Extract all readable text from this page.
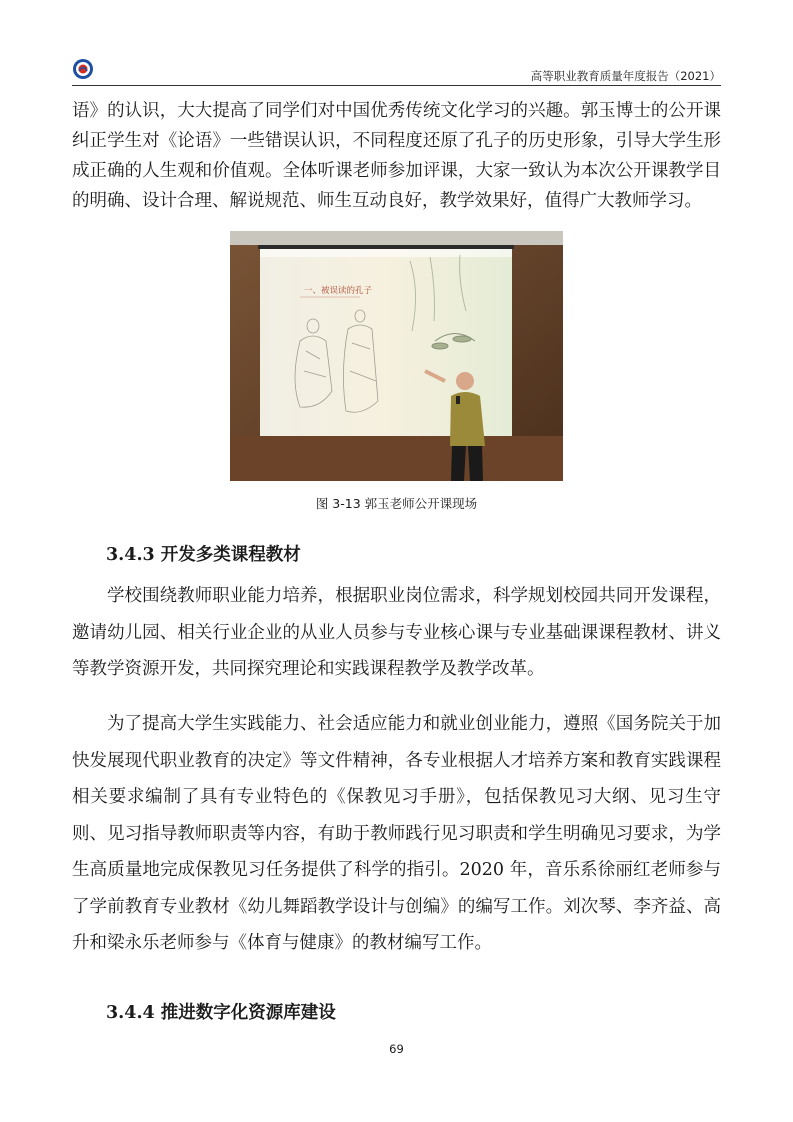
高等职业教育质量年度报告（2021）

语》的认识，大大提高了同学们对中国优秀传统文化学习的兴趣。郭玉博士的公开课纠正学生对《论语》一些错误认识，不同程度还原了孔子的历史形象，引导大学生形成正确的人生观和价值观。全体听课老师参加评课，大家一致认为本次公开课教学目的明确、设计合理、解说规范、师生互动良好，教学效果好，值得广大教师学习。

一、被误读的孔子
图 3-13 郭玉老师公开课现场
3.4.3 开发多类课程教材

学校围绕教师职业能力培养，根据职业岗位需求，科学规划校园共同开发课程，邀请幼儿园、相关行业企业的从业人员参与专业核心课与专业基础课课程教材、讲义等教学资源开发，共同探究理论和实践课程教学及教学改革。

为了提高大学生实践能力、社会适应能力和就业创业能力，遵照《国务院关于加快发展现代职业教育的决定》等文件精神，各专业根据人才培养方案和教育实践课程相关要求编制了具有专业特色的《保教见习手册》，包括保教见习大纲、见习生守则、见习指导教师职责等内容，有助于教师践行见习职责和学生明确见习要求，为学生高质量地完成保教见习任务提供了科学的指引。2020 年，音乐系徐丽红老师参与了学前教育专业教材《幼儿舞蹈教学设计与创编》的编写工作。刘次琴、李齐益、高升和梁永乐老师参与《体育与健康》的教材编写工作。

3.4.4 推进数字化资源库建设
69
